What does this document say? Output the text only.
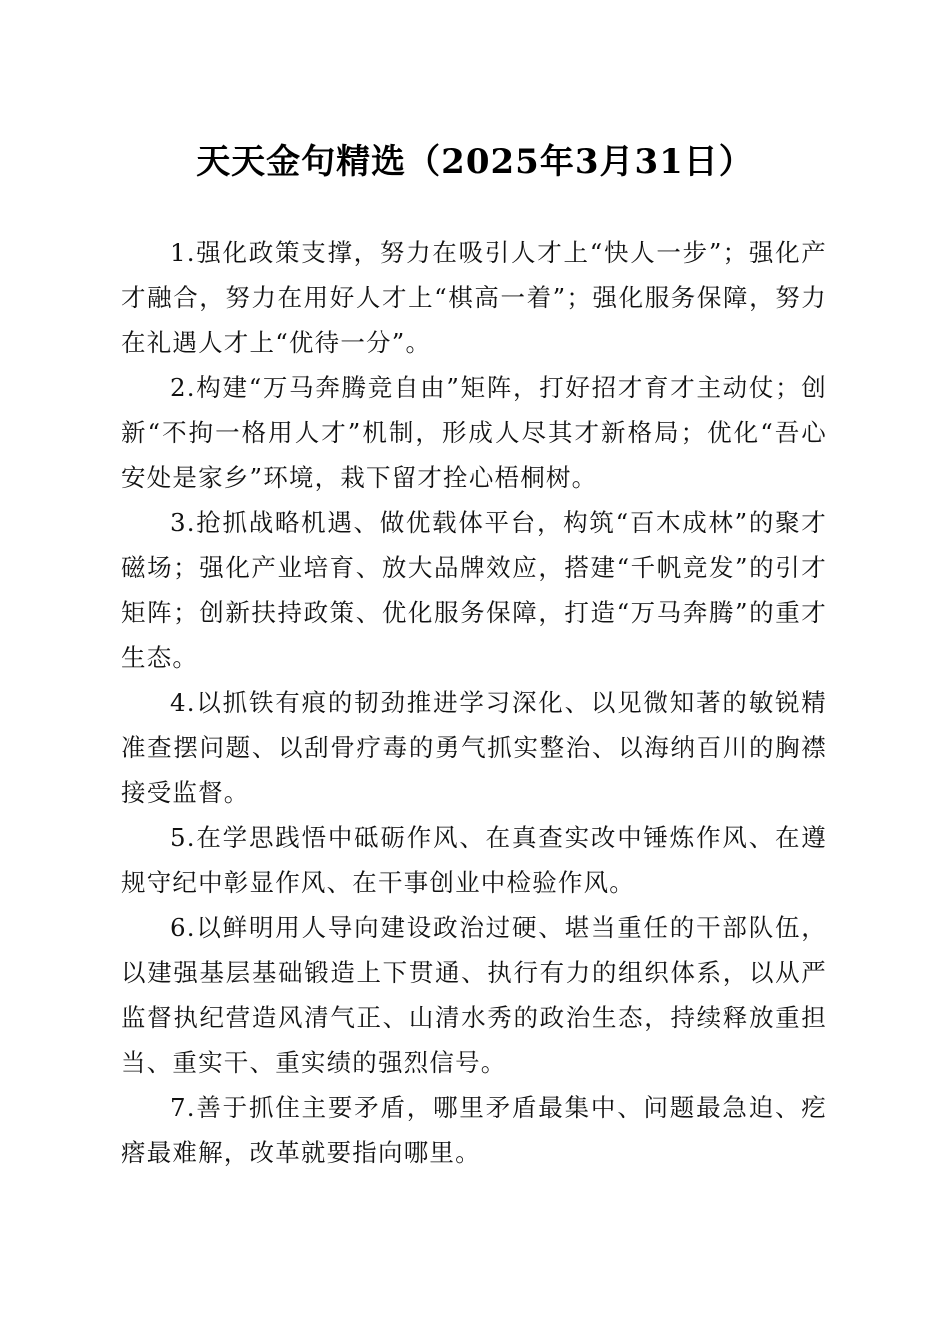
天天金句精选（2025年3月31日）

1.强化政策支撑，努力在吸引人才上“快人一步”；强化产才融合，努力在用好人才上“棋高一着”；强化服务保障，努力在礼遇人才上“优待一分”。

2.构建“万马奔腾竞自由”矩阵，打好招才育才主动仗；创新“不拘一格用人才”机制，形成人尽其才新格局；优化“吾心安处是家乡”环境，栽下留才拴心梧桐树。

3.抢抓战略机遇、做优载体平台，构筑“百木成林”的聚才磁场；强化产业培育、放大品牌效应，搭建“千帆竞发”的引才矩阵；创新扶持政策、优化服务保障，打造“万马奔腾”的重才生态。

4.以抓铁有痕的韧劲推进学习深化、以见微知著的敏锐精准查摆问题、以刮骨疗毒的勇气抓实整治、以海纳百川的胸襟接受监督。

5.在学思践悟中砥砺作风、在真查实改中锤炼作风、在遵规守纪中彰显作风、在干事创业中检验作风。

6.以鲜明用人导向建设政治过硬、堪当重任的干部队伍，以建强基层基础锻造上下贯通、执行有力的组织体系，以从严监督执纪营造风清气正、山清水秀的政治生态，持续释放重担当、重实干、重实绩的强烈信号。

7.善于抓住主要矛盾，哪里矛盾最集中、问题最急迫、疙瘩最难解，改革就要指向哪里。
